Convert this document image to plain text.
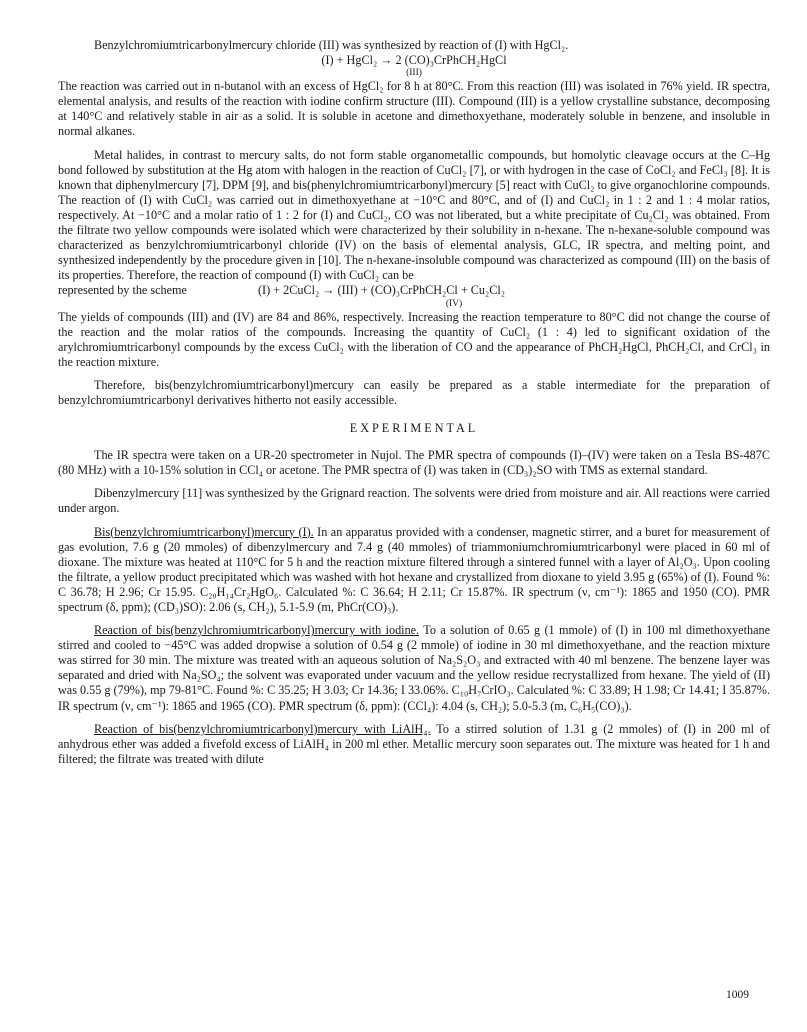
Benzylchromiumtricarbonylmercury chloride (III) was synthesized by reaction of (I) with HgCl₂.

(I) + HgCl₂ → 2 (CO)₃CrPhCH₂HgCl

(III)

The reaction was carried out in n-butanol with an excess of HgCl₂ for 8 h at 80°C. From this reaction (III) was isolated in 76% yield. IR spectra, elemental analysis, and results of the reaction with iodine confirm structure (III). Compound (III) is a yellow crystalline substance, decomposing at 140°C and relatively stable in air as a solid. It is soluble in acetone and dimethoxyethane, moderately soluble in benzene, and insoluble in normal alkanes.

Metal halides, in contrast to mercury salts, do not form stable organometallic compounds, but homolytic cleavage occurs at the C–Hg bond followed by substitution at the Hg atom with halogen in the reaction of CuCl₂ [7], or with hydrogen in the case of CoCl₂ and FeCl₃ [8]. It is known that diphenylmercury [7], DPM [9], and bis(phenylchromiumtricarbonyl)mercury [5] react with CuCl₂ to give organochlorine compounds. The reaction of (I) with CuCl₂ was carried out in dimethoxyethane at −10°C and 80°C, and of (I) and CuCl₂ in 1 : 2 and 1 : 4 molar ratios, respectively. At −10°C and a molar ratio of 1 : 2 for (I) and CuCl₂, CO was not liberated, but a white precipitate of Cu₂Cl₂ was obtained. From the filtrate two yellow compounds were isolated which were characterized by their solubility in n-hexane. The n-hexane-soluble compound was characterized as benzylchromiumtricarbonyl chloride (IV) on the basis of elemental analysis, GLC, IR spectra, and melting point, and synthesized independently by the procedure given in [10]. The n-hexane-insoluble compound was characterized as compound (III) on the basis of its properties. Therefore, the reaction of compound (I) with CuCl₂ can be

represented by the scheme	(I) + 2CuCl₂ → (III) + (CO)₃CrPhCH₂Cl + Cu₂Cl₂

(IV)

The yields of compounds (III) and (IV) are 84 and 86%, respectively. Increasing the reaction temperature to 80°C did not change the course of the reaction and the molar ratios of the compounds. Increasing the quantity of CuCl₂ (1 : 4) led to significant oxidation of the arylchromiumtricarbonyl compounds by the excess CuCl₂ with the liberation of CO and the appearance of PhCH₂HgCl, PhCH₂Cl, and CrCl₃ in the reaction mixture.

Therefore, bis(benzylchromiumtricarbonyl)mercury can easily be prepared as a stable intermediate for the preparation of benzylchromiumtricarbonyl derivatives hitherto not easily accessible.

EXPERIMENTAL

The IR spectra were taken on a UR-20 spectrometer in Nujol. The PMR spectra of compounds (I)–(IV) were taken on a Tesla BS-487C (80 MHz) with a 10-15% solution in CCl₄ or acetone. The PMR spectra of (I) was taken in (CD₃)₂SO with TMS as external standard.

Dibenzylmercury [11] was synthesized by the Grignard reaction. The solvents were dried from moisture and air. All reactions were carried under argon.

Bis(benzylchromiumtricarbonyl)mercury (I). In an apparatus provided with a condenser, magnetic stirrer, and a buret for measurement of gas evolution, 7.6 g (20 mmoles) of dibenzylmercury and 7.4 g (40 mmoles) of triammoniumchromiumtricarbonyl were placed in 60 ml of dioxane. The mixture was heated at 110°C for 5 h and the reaction mixture filtered through a sintered funnel with a layer of Al₂O₃. Upon cooling the filtrate, a yellow product precipitated which was washed with hot hexane and crystallized from dioxane to yield 3.95 g (65%) of (I). Found %: C 36.78; H 2.96; Cr 15.95. C₂₀H₁₄Cr₂HgO₆. Calculated %: C 36.64; H 2.11; Cr 15.87%. IR spectrum (ν, cm⁻¹): 1865 and 1950 (CO). PMR spectrum (δ, ppm); (CD₃)SO): 2.06 (s, CH₂), 5.1-5.9 (m, PhCr(CO)₃).

Reaction of bis(benzylchromiumtricarbonyl)mercury with iodine. To a solution of 0.65 g (1 mmole) of (I) in 100 ml dimethoxyethane stirred and cooled to −45°C was added dropwise a solution of 0.54 g (2 mmole) of iodine in 30 ml dimethoxyethane, and the reaction mixture was stirred for 30 min. The mixture was treated with an aqueous solution of Na₂S₂O₃ and extracted with 40 ml benzene. The benzene layer was separated and dried with Na₂SO₄; the solvent was evaporated under vacuum and the yellow residue recrystallized from hexane. The yield of (II) was 0.55 g (79%), mp 79-81°C. Found %: C 35.25; H 3.03; Cr 14.36; I 33.06%. C₁₀H₇CrIO₃. Calculated %: C 33.89; H 1.98; Cr 14.41; I 35.87%. IR spectrum (ν, cm⁻¹): 1865 and 1965 (CO). PMR spectrum (δ, ppm): (CCl₄): 4.04 (s, CH₂); 5.0-5.3 (m, C₆H₅(CO)₃).

Reaction of bis(benzylchromiumtricarbonyl)mercury with LiAlH₄. To a stirred solution of 1.31 g (2 mmoles) of (I) in 200 ml of anhydrous ether was added a fivefold excess of LiAlH₄ in 200 ml ether. Metallic mercury soon separates out. The mixture was heated for 1 h and filtered; the filtrate was treated with dilute

1009
